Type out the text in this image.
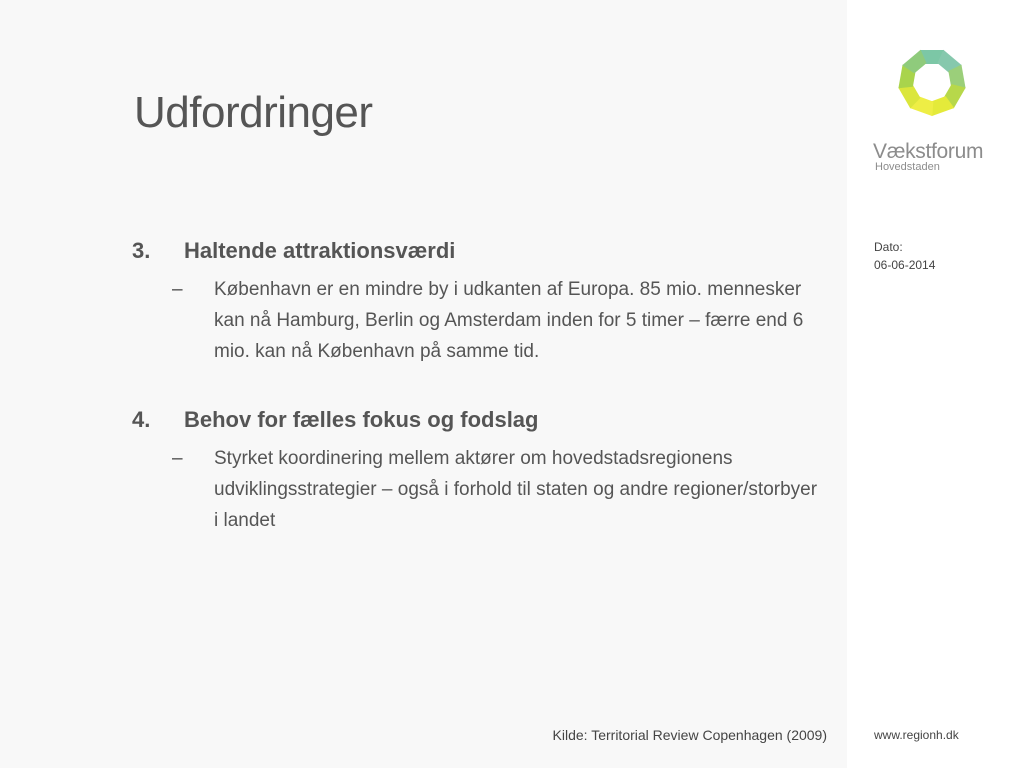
Udfordringer
3.	Haltende attraktionsværdi
–	København er en mindre by i udkanten af Europa. 85 mio. mennesker kan nå Hamburg, Berlin og Amsterdam inden for 5 timer – færre end 6 mio. kan nå København på samme tid.
4.	Behov for fælles fokus og fodslag
–	Styrket koordinering mellem aktører om hovedstadsregionens udviklingsstrategier – også i forhold til staten og andre regioner/storbyer i landet
Kilde: Territorial Review Copenhagen (2009)
Vækstforum
Hovedstaden
Dato:
06-06-2014
www.regionh.dk
